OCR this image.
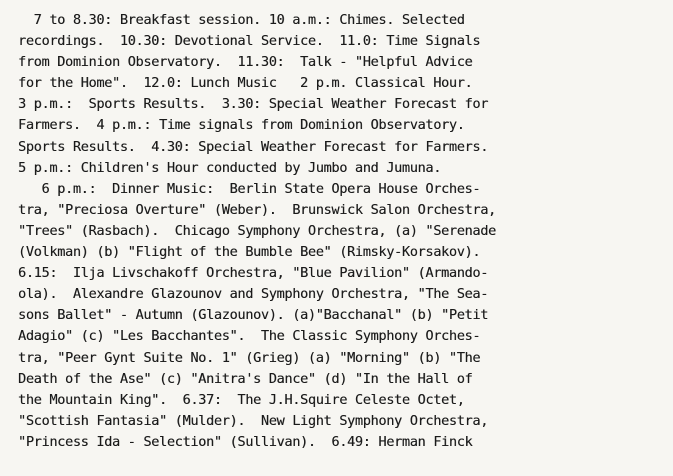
7 to 8.30: Breakfast session. 10 a.m.: Chimes. Selected
recordings.  10.30: Devotional Service.  11.0: Time Signals
from Dominion Observatory.  11.30:  Talk - "Helpful Advice
for the Home".  12.0: Lunch Music   2 p.m. Classical Hour.
3 p.m.:  Sports Results.  3.30: Special Weather Forecast for
Farmers.  4 p.m.: Time signals from Dominion Observatory.
Sports Results.  4.30: Special Weather Forecast for Farmers.
5 p.m.: Children's Hour conducted by Jumbo and Jumuna.
6 p.m.:  Dinner Music:  Berlin State Opera House Orches-
tra, "Preciosa Overture" (Weber).  Brunswick Salon Orchestra,
"Trees" (Rasbach).  Chicago Symphony Orchestra, (a) "Serenade
(Volkman) (b) "Flight of the Bumble Bee" (Rimsky-Korsakov).
6.15:  Ilja Livschakoff Orchestra, "Blue Pavilion" (Armando-
ola).  Alexandre Glazounov and Symphony Orchestra, "The Sea-
sons Ballet" - Autumn (Glazounov). (a)"Bacchanal" (b) "Petit
Adagio" (c) "Les Bacchantes".  The Classic Symphony Orches-
tra, "Peer Gynt Suite No. 1" (Grieg) (a) "Morning" (b) "The
Death of the Ase" (c) "Anitra's Dance" (d) "In the Hall of
the Mountain King".  6.37:  The J.H.Squire Celeste Octet,
"Scottish Fantasia" (Mulder).  New Light Symphony Orchestra,
"Princess Ida - Selection" (Sullivan).  6.49: Herman Finck
